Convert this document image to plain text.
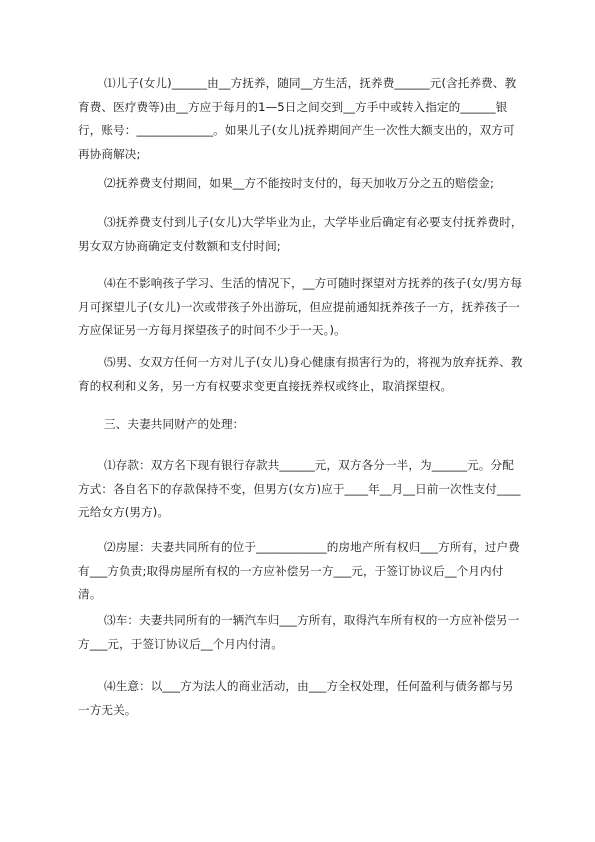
⑴儿子(女儿)______由__方抚养，随同__方生活，抚养费______元(含托养费、教育费、医疗费等)由__方应于每月的1—5日之间交到__方手中或转入指定的______银行，账号：_____________。如果儿子(女儿)抚养期间产生一次性大额支出的，双方可再协商解决;

⑵抚养费支付期间，如果__方不能按时支付的，每天加收万分之五的赔偿金;

⑶抚养费支付到儿子(女儿)大学毕业为止，大学毕业后确定有必要支付抚养费时，男女双方协商确定支付数额和支付时间;

⑷在不影响孩子学习、生活的情况下，__方可随时探望对方抚养的孩子(女/男方每月可探望儿子(女儿)一次或带孩子外出游玩，但应提前通知抚养孩子一方，抚养孩子一方应保证另一方每月探望孩子的时间不少于一天。)。

⑸男、女双方任何一方对儿子(女儿)身心健康有损害行为的，将视为放弃抚养、教育的权利和义务，另一方有权要求变更直接抚养权或终止，取消探望权。

三、夫妻共同财产的处理：

⑴存款：双方名下现有银行存款共______元，双方各分一半，为______元。分配方式：各自名下的存款保持不变，但男方(女方)应于____年__月__日前一次性支付____元给女方(男方)。

⑵房屋：夫妻共同所有的位于____________的房地产所有权归___方所有，过户费有___方负责;取得房屋所有权的一方应补偿另一方___元，于签订协议后__个月内付清。

⑶车：夫妻共同所有的一辆汽车归___方所有，取得汽车所有权的一方应补偿另一方___元，于签订协议后__个月内付清。

⑷生意：以___方为法人的商业活动，由___方全权处理，任何盈利与债务都与另一方无关。
